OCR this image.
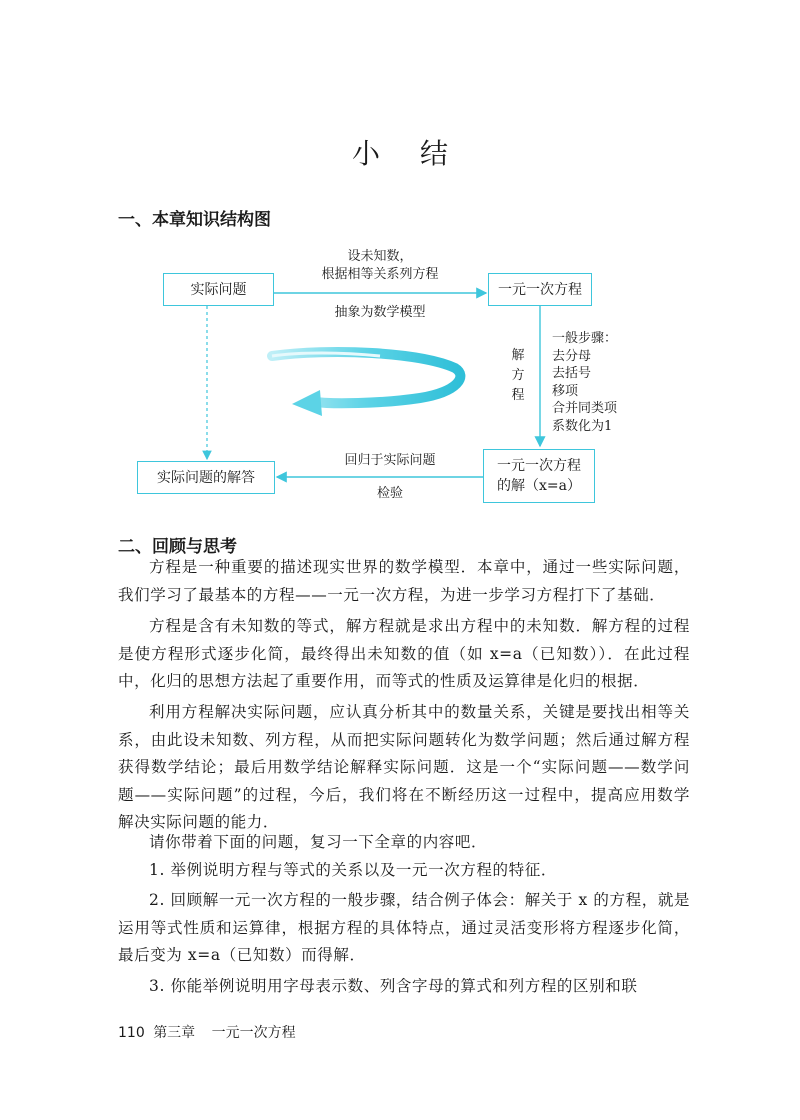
小 结
一、本章知识结构图
实际问题	一元一次方程
一元一次方程
的解（x=a）
实际问题的解答
设未知数，
根据相等关系列方程
抽象为数学模型
解
方
程
一般步骤：
去分母
去括号
移项
合并同类项
系数化为1
回归于实际问题
检验
二、回顾与思考
方程是一种重要的描述现实世界的数学模型．本章中，通过一些实际问题，我们学习了最基本的方程——一元一次方程，为进一步学习方程打下了基础．
方程是含有未知数的等式，解方程就是求出方程中的未知数．解方程的过程是使方程形式逐步化简，最终得出未知数的值（如 x=a（已知数））．在此过程中，化归的思想方法起了重要作用，而等式的性质及运算律是化归的根据．
利用方程解决实际问题，应认真分析其中的数量关系，关键是要找出相等关系，由此设未知数、列方程，从而把实际问题转化为数学问题；然后通过解方程获得数学结论；最后用数学结论解释实际问题．这是一个“实际问题——数学问题——实际问题”的过程，今后，我们将在不断经历这一过程中，提高应用数学解决实际问题的能力．
请你带着下面的问题，复习一下全章的内容吧．
1. 举例说明方程与等式的关系以及一元一次方程的特征．
2. 回顾解一元一次方程的一般步骤，结合例子体会：解关于 x 的方程，就是运用等式性质和运算律，根据方程的具体特点，通过灵活变形将方程逐步化简，最后变为 x=a（已知数）而得解．
3. 你能举例说明用字母表示数、列含字母的算式和列方程的区别和联
110 第三章 一元一次方程
